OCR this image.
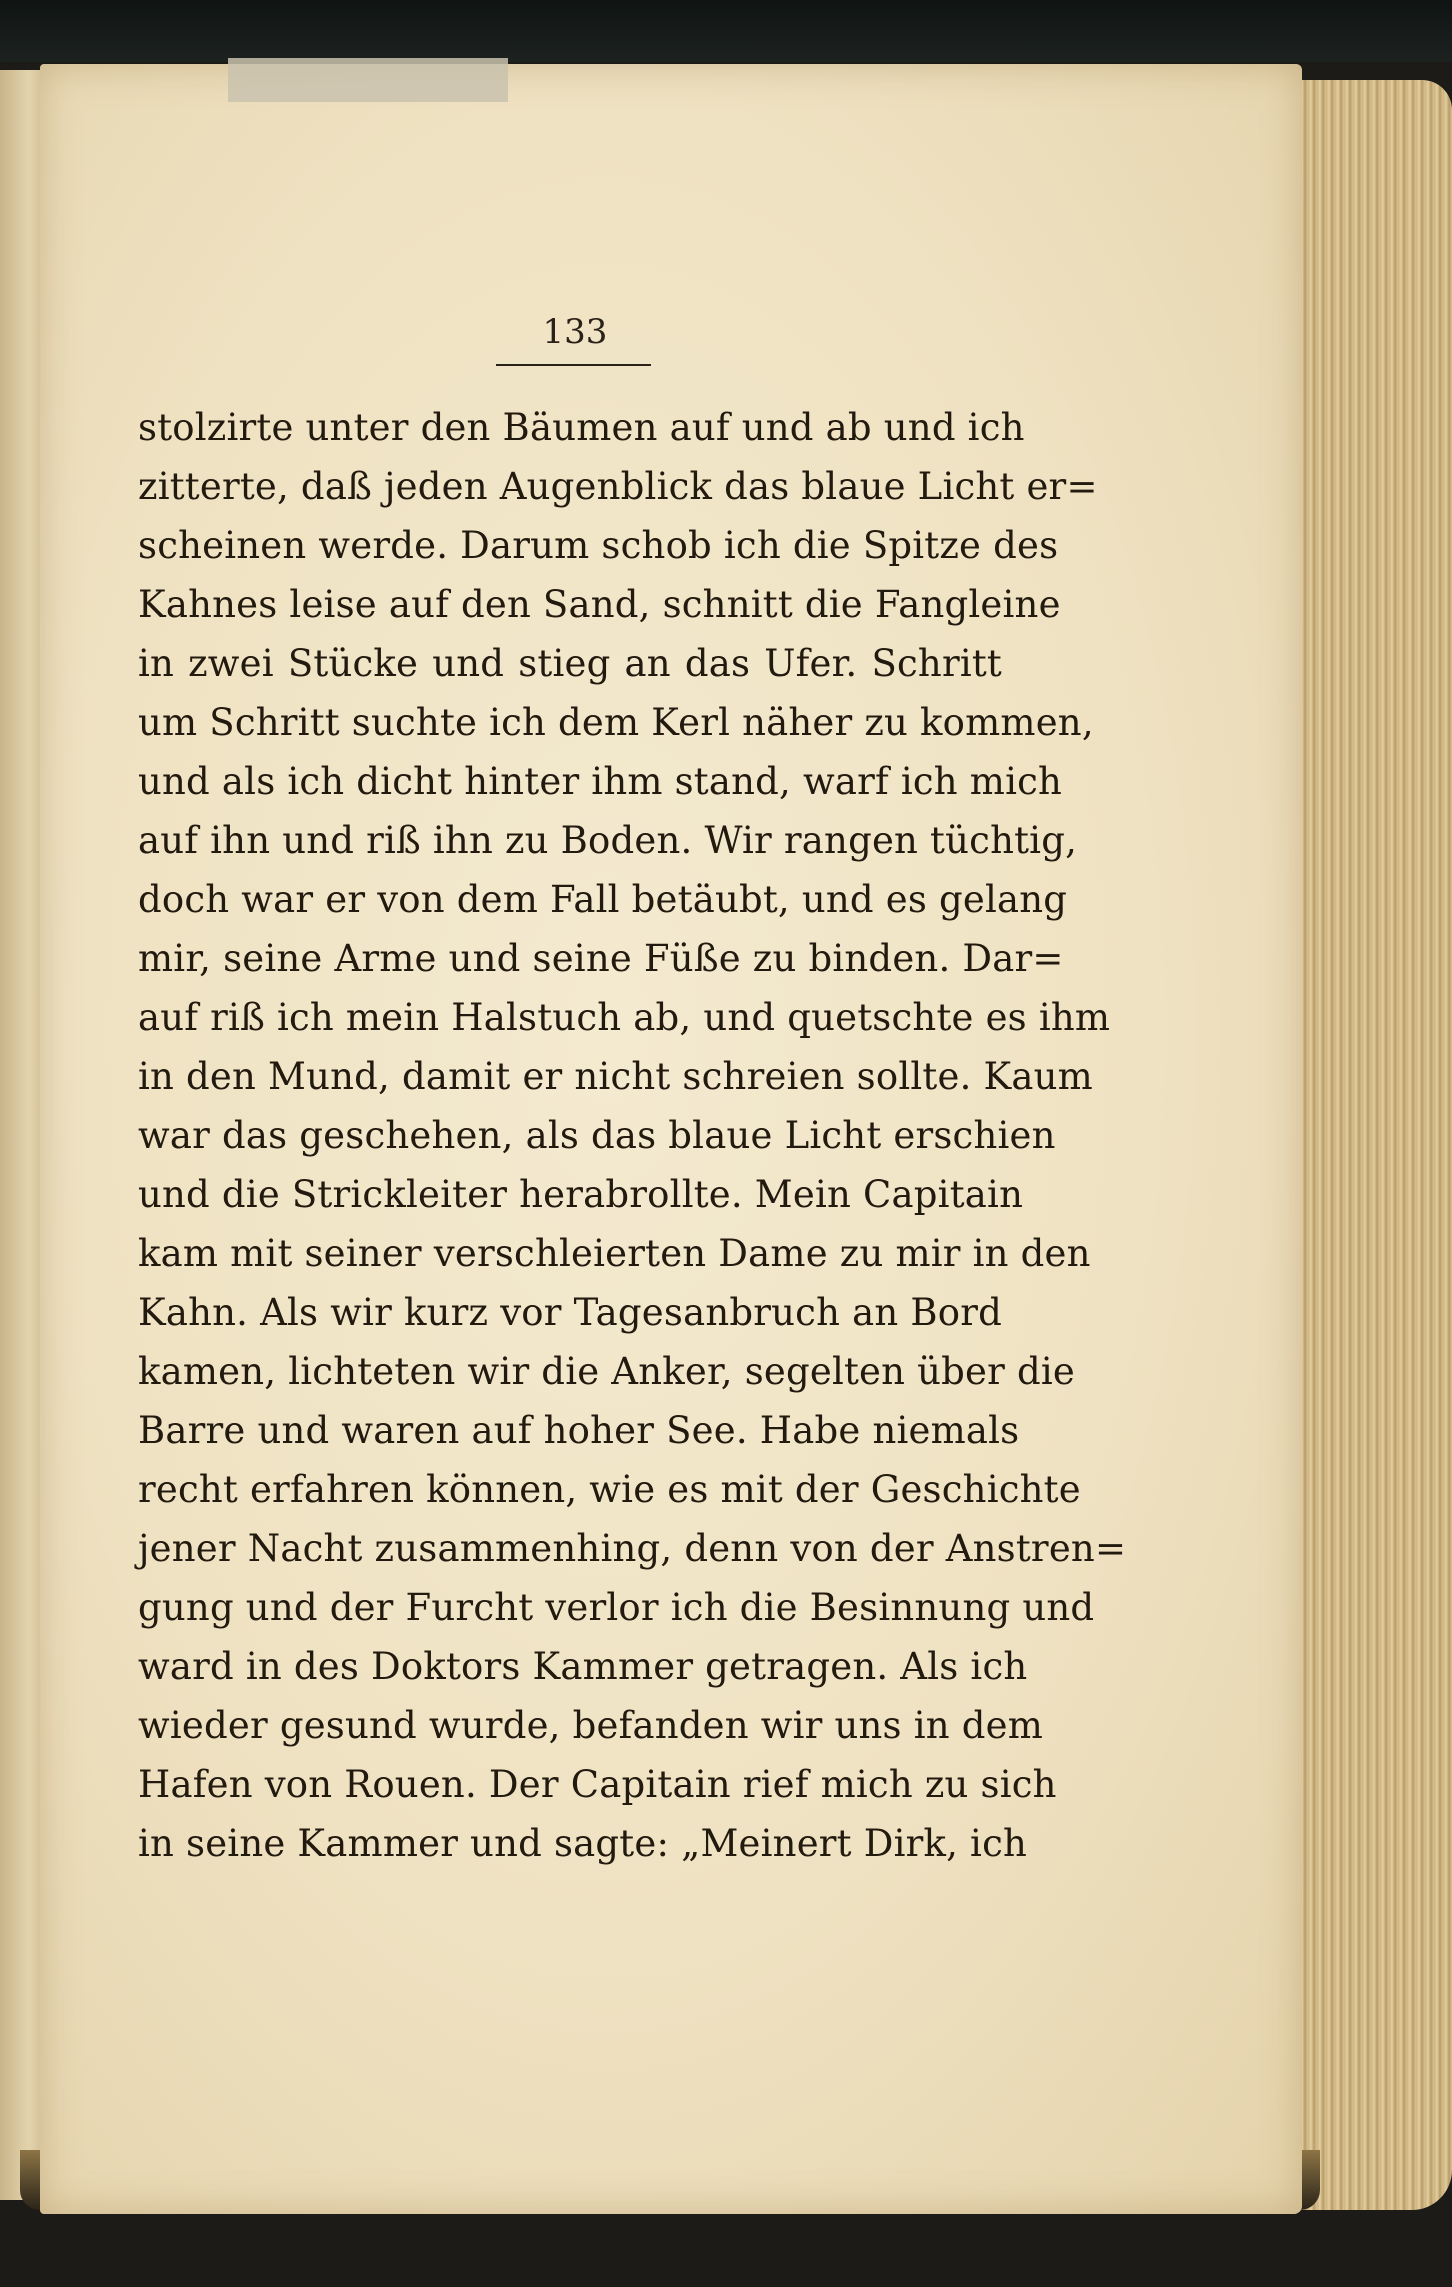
133
stolzirte unter den Bäumen auf und ab und ich
zitterte, daß jeden Augenblick das blaue Licht er=
scheinen werde. Darum schob ich die Spitze des
Kahnes leise auf den Sand, schnitt die Fangleine
in zwei Stücke und stieg an das Ufer. Schritt
um Schritt suchte ich dem Kerl näher zu kommen,
und als ich dicht hinter ihm stand, warf ich mich
auf ihn und riß ihn zu Boden. Wir rangen tüchtig,
doch war er von dem Fall betäubt, und es gelang
mir, seine Arme und seine Füße zu binden. Dar=
auf riß ich mein Halstuch ab, und quetschte es ihm
in den Mund, damit er nicht schreien sollte. Kaum
war das geschehen, als das blaue Licht erschien
und die Strickleiter herabrollte. Mein Capitain
kam mit seiner verschleierten Dame zu mir in den
Kahn. Als wir kurz vor Tagesanbruch an Bord
kamen, lichteten wir die Anker, segelten über die
Barre und waren auf hoher See. Habe niemals
recht erfahren können, wie es mit der Geschichte
jener Nacht zusammenhing, denn von der Anstren=
gung und der Furcht verlor ich die Besinnung und
ward in des Doktors Kammer getragen. Als ich
wieder gesund wurde, befanden wir uns in dem
Hafen von Rouen. Der Capitain rief mich zu sich
in seine Kammer und sagte: „Meinert Dirk, ich
